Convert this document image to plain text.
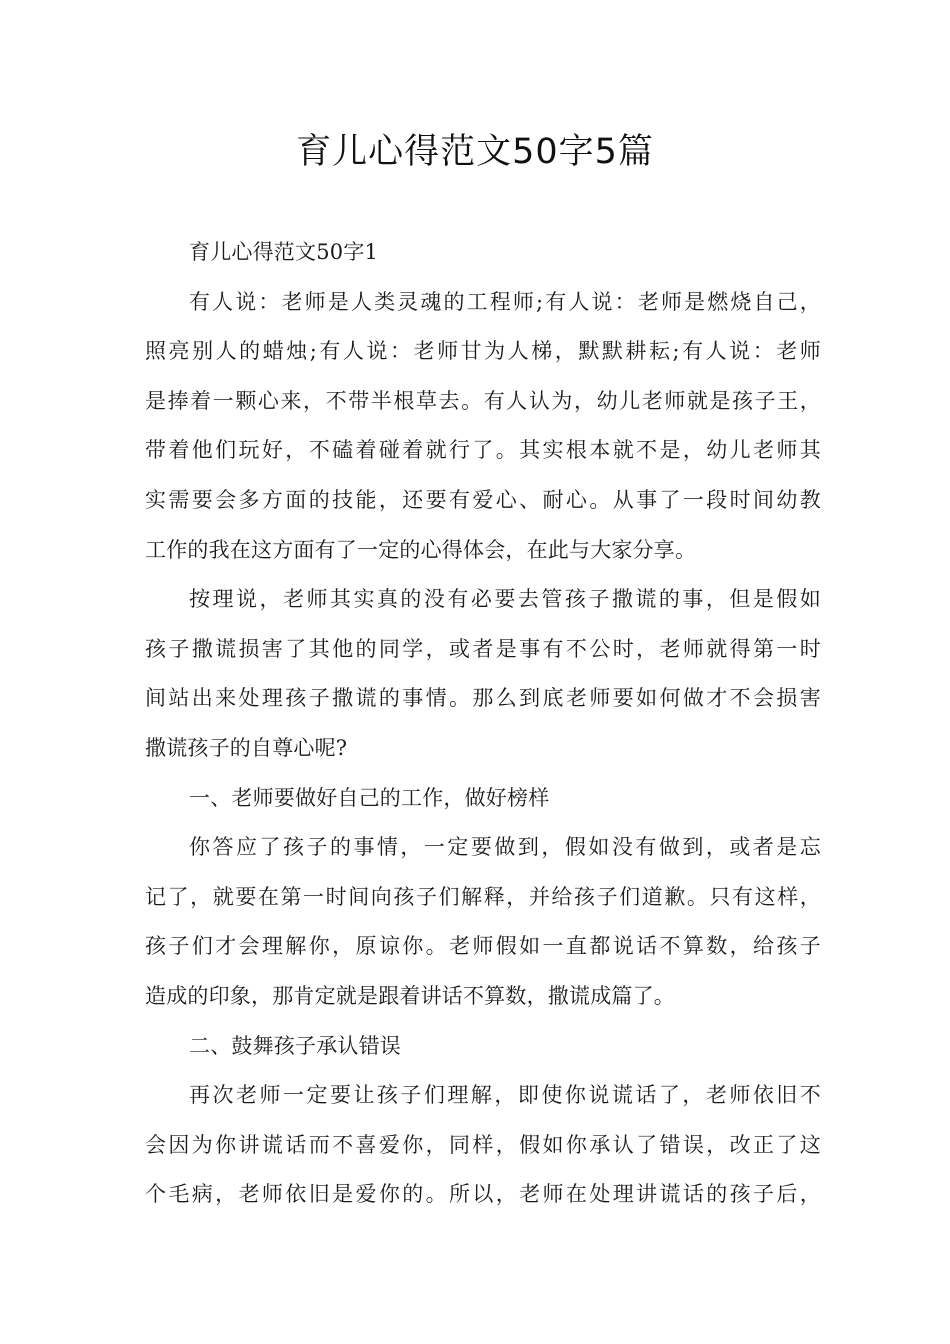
育儿心得范文50字5篇
育儿心得范文50字1
有人说：老师是人类灵魂的工程师;有人说：老师是燃烧自己，
照亮别人的蜡烛;有人说：老师甘为人梯，默默耕耘;有人说：老师
是捧着一颗心来，不带半根草去。有人认为，幼儿老师就是孩子王，
带着他们玩好，不磕着碰着就行了。其实根本就不是，幼儿老师其
实需要会多方面的技能，还要有爱心、耐心。从事了一段时间幼教
工作的我在这方面有了一定的心得体会，在此与大家分享。
按理说，老师其实真的没有必要去管孩子撒谎的事，但是假如
孩子撒谎损害了其他的同学，或者是事有不公时，老师就得第一时
间站出来处理孩子撒谎的事情。那么到底老师要如何做才不会损害
撒谎孩子的自尊心呢?
一、老师要做好自己的工作，做好榜样
你答应了孩子的事情，一定要做到，假如没有做到，或者是忘
记了，就要在第一时间向孩子们解释，并给孩子们道歉。只有这样，
孩子们才会理解你，原谅你。老师假如一直都说话不算数，给孩子
造成的印象，那肯定就是跟着讲话不算数，撒谎成篇了。
二、鼓舞孩子承认错误
再次老师一定要让孩子们理解，即使你说谎话了，老师依旧不
会因为你讲谎话而不喜爱你，同样，假如你承认了错误，改正了这
个毛病，老师依旧是爱你的。所以，老师在处理讲谎话的孩子后，
